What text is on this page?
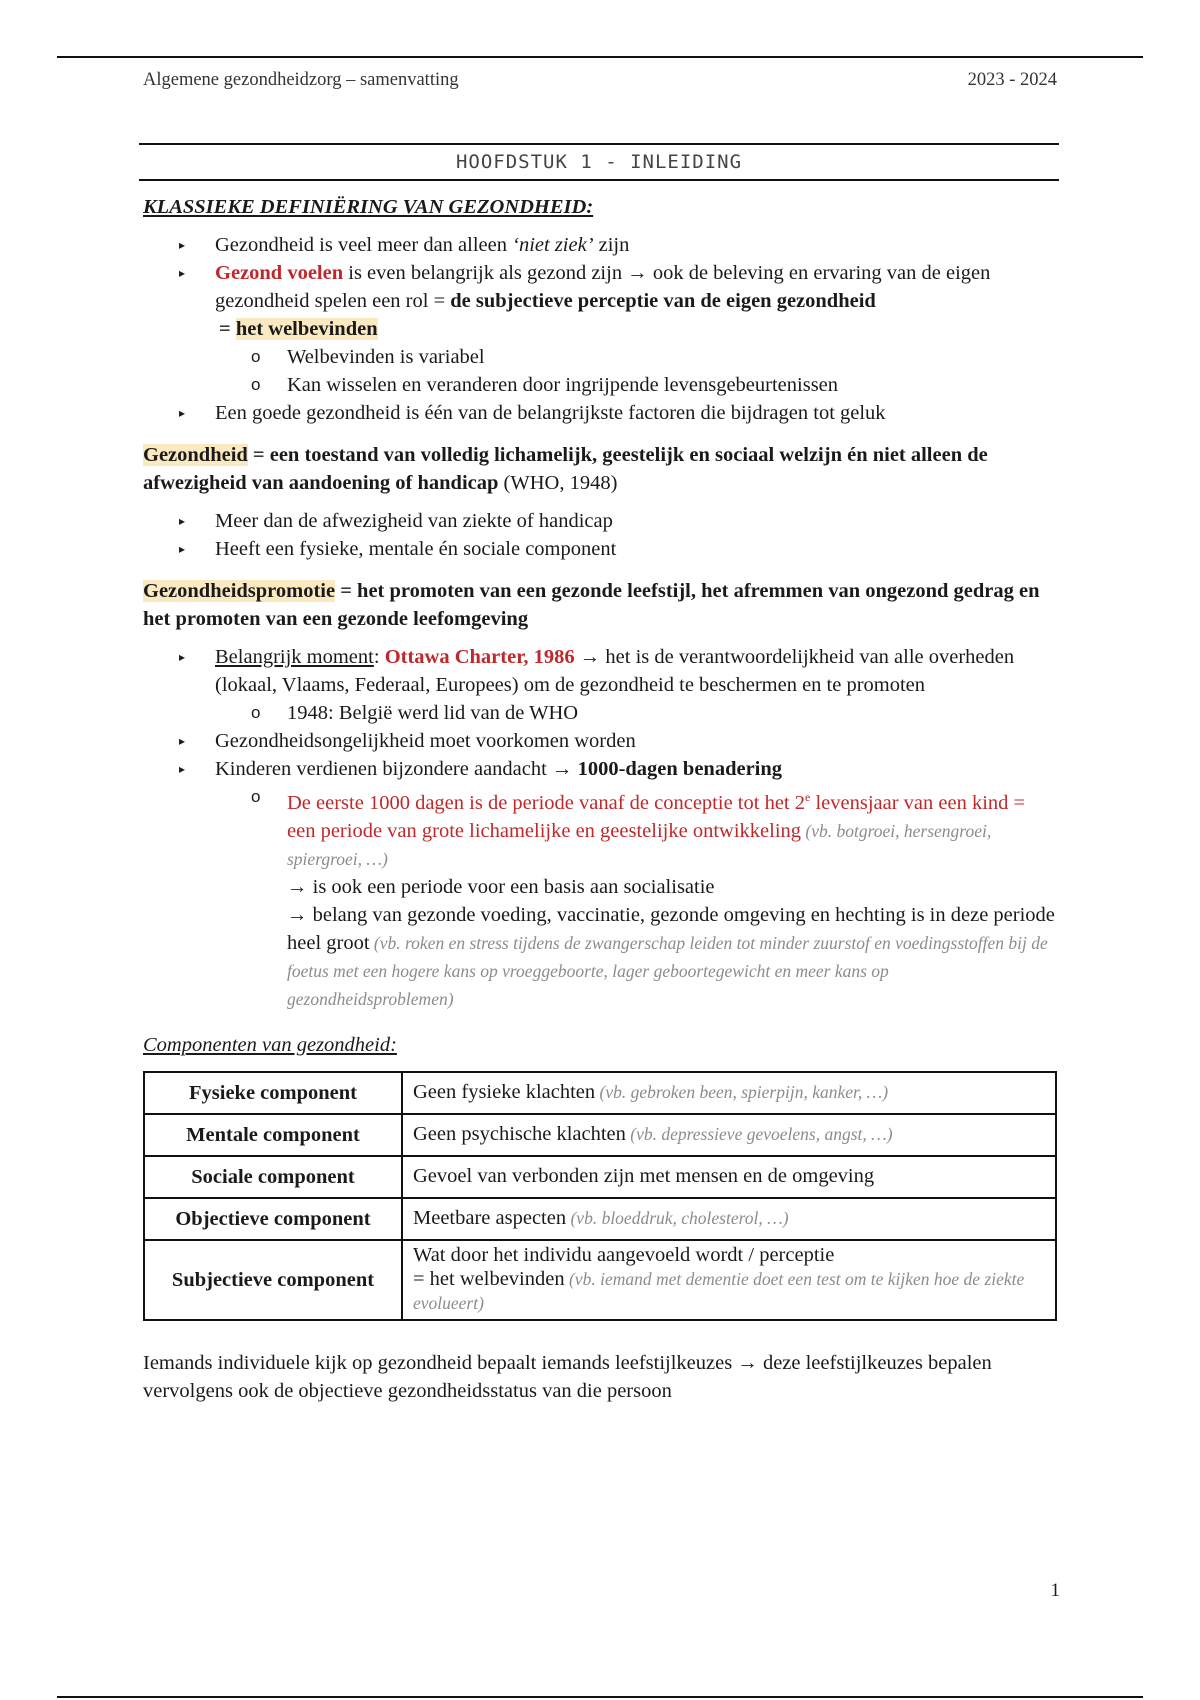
Algemene gezondheidzorg – samenvatting	2023 - 2024
HOOFDSTUK 1 - INLEIDING
KLASSIEKE DEFINIËRING VAN GEZONDHEID:
▸ Gezondheid is veel meer dan alleen ‘niet ziek’ zijn
▸ Gezond voelen is even belangrijk als gezond zijn → ook de beleving en ervaring van de eigen gezondheid spelen een rol = de subjectieve perceptie van de eigen gezondheid
= het welbevinden
o Welbevinden is variabel
o Kan wisselen en veranderen door ingrijpende levensgebeurtenissen
▸ Een goede gezondheid is één van de belangrijkste factoren die bijdragen tot geluk
Gezondheid = een toestand van volledig lichamelijk, geestelijk en sociaal welzijn én niet alleen de afwezigheid van aandoening of handicap (WHO, 1948)
▸ Meer dan de afwezigheid van ziekte of handicap
▸ Heeft een fysieke, mentale én sociale component
Gezondheidspromotie = het promoten van een gezonde leefstijl, het afremmen van ongezond gedrag en het promoten van een gezonde leefomgeving
▸ Belangrijk moment: Ottawa Charter, 1986 → het is de verantwoordelijkheid van alle overheden (lokaal, Vlaams, Federaal, Europees) om de gezondheid te beschermen en te promoten
o 1948: België werd lid van de WHO
▸ Gezondheidsongelijkheid moet voorkomen worden
▸ Kinderen verdienen bijzondere aandacht → 1000-dagen benadering
o De eerste 1000 dagen is de periode vanaf de conceptie tot het 2e levensjaar van een kind = een periode van grote lichamelijke en geestelijke ontwikkeling (vb. botgroei, hersengroei, spiergroei, …)
→ is ook een periode voor een basis aan socialisatie
→ belang van gezonde voeding, vaccinatie, gezonde omgeving en hechting is in deze periode heel groot (vb. roken en stress tijdens de zwangerschap leiden tot minder zuurstof en voedingsstoffen bij de foetus met een hogere kans op vroeggeboorte, lager geboortegewicht en meer kans op gezondheidsproblemen)
Componenten van gezondheid:
Fysieke component	Geen fysieke klachten (vb. gebroken been, spierpijn, kanker, …)
Mentale component	Geen psychische klachten (vb. depressieve gevoelens, angst, …)
Sociale component	Gevoel van verbonden zijn met mensen en de omgeving
Objectieve component	Meetbare aspecten (vb. bloeddruk, cholesterol, …)
Subjectieve component	Wat door het individu aangevoeld wordt / perceptie
= het welbevinden (vb. iemand met dementie doet een test om te kijken hoe de ziekte evolueert)
Iemands individuele kijk op gezondheid bepaalt iemands leefstijlkeuzes → deze leefstijlkeuzes bepalen vervolgens ook de objectieve gezondheidsstatus van die persoon
1
